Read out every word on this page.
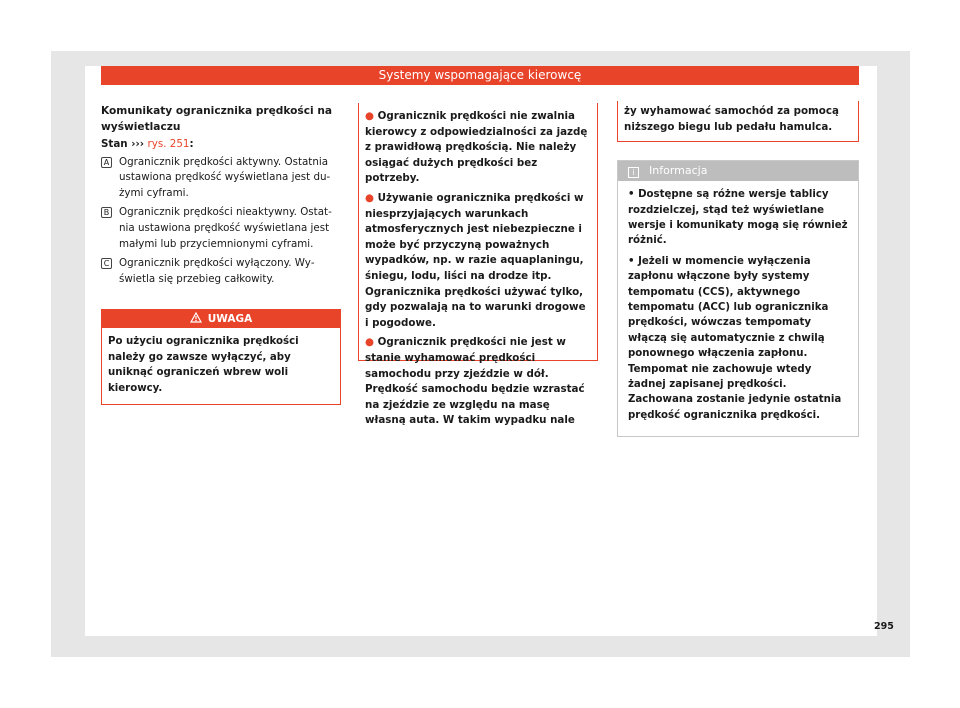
Systemy wspomagające kierowcę
Komunikaty ogranicznika prędkości na wyświetlaczu
Stan ››› rys. 251:
A Ogranicznik prędkości aktywny. Ostatnia ustawiona prędkość wyświetlana jest dużymi cyframi.
B Ogranicznik prędkości nieaktywny. Ostatnia ustawiona prędkość wyświetlana jest małymi lub przyciemnionymi cyframi.
C Ogranicznik prędkości wyłączony. Wyświetla się przebieg całkowity.
UWAGA
Po użyciu ogranicznika prędkości należy go zawsze wyłączyć, aby uniknąć ograniczeń wbrew woli kierowcy.
● Ogranicznik prędkości nie zwalnia kierowcy z odpowiedzialności za jazdę z prawidłową prędkością. Nie należy osiągać dużych prędkości bez potrzeby.
● Używanie ogranicznika prędkości w niesprzyjających warunkach atmosferycznych jest niebezpieczne i może być przyczyną poważnych wypadków, np. w razie aquaplaningu, śniegu, lodu, liści na drodze itp. Ogranicznika prędkości używać tylko, gdy pozwalają na to warunki drogowe i pogodowe.
● Ogranicznik prędkości nie jest w stanie wyhamować prędkości samochodu przy zjeździe w dół. Prędkość samochodu będzie wzrastać na zjeździe ze względu na masę własną auta. W takim wypadku nale
ży wyhamować samochód za pomocą niższego biegu lub pedału hamulca.
i Informacja
• Dostępne są różne wersje tablicy rozdzielczej, stąd też wyświetlane wersje i komunikaty mogą się również różnić.
• Jeżeli w momencie wyłączenia zapłonu włączone były systemy tempomatu (CCS), aktywnego tempomatu (ACC) lub ogranicznika prędkości, wówczas tempomaty włączą się automatycznie z chwilą ponownego włączenia zapłonu. Tempomat nie zachowuje wtedy żadnej zapisanej prędkości. Zachowana zostanie jedynie ostatnia prędkość ogranicznika prędkości.
295
